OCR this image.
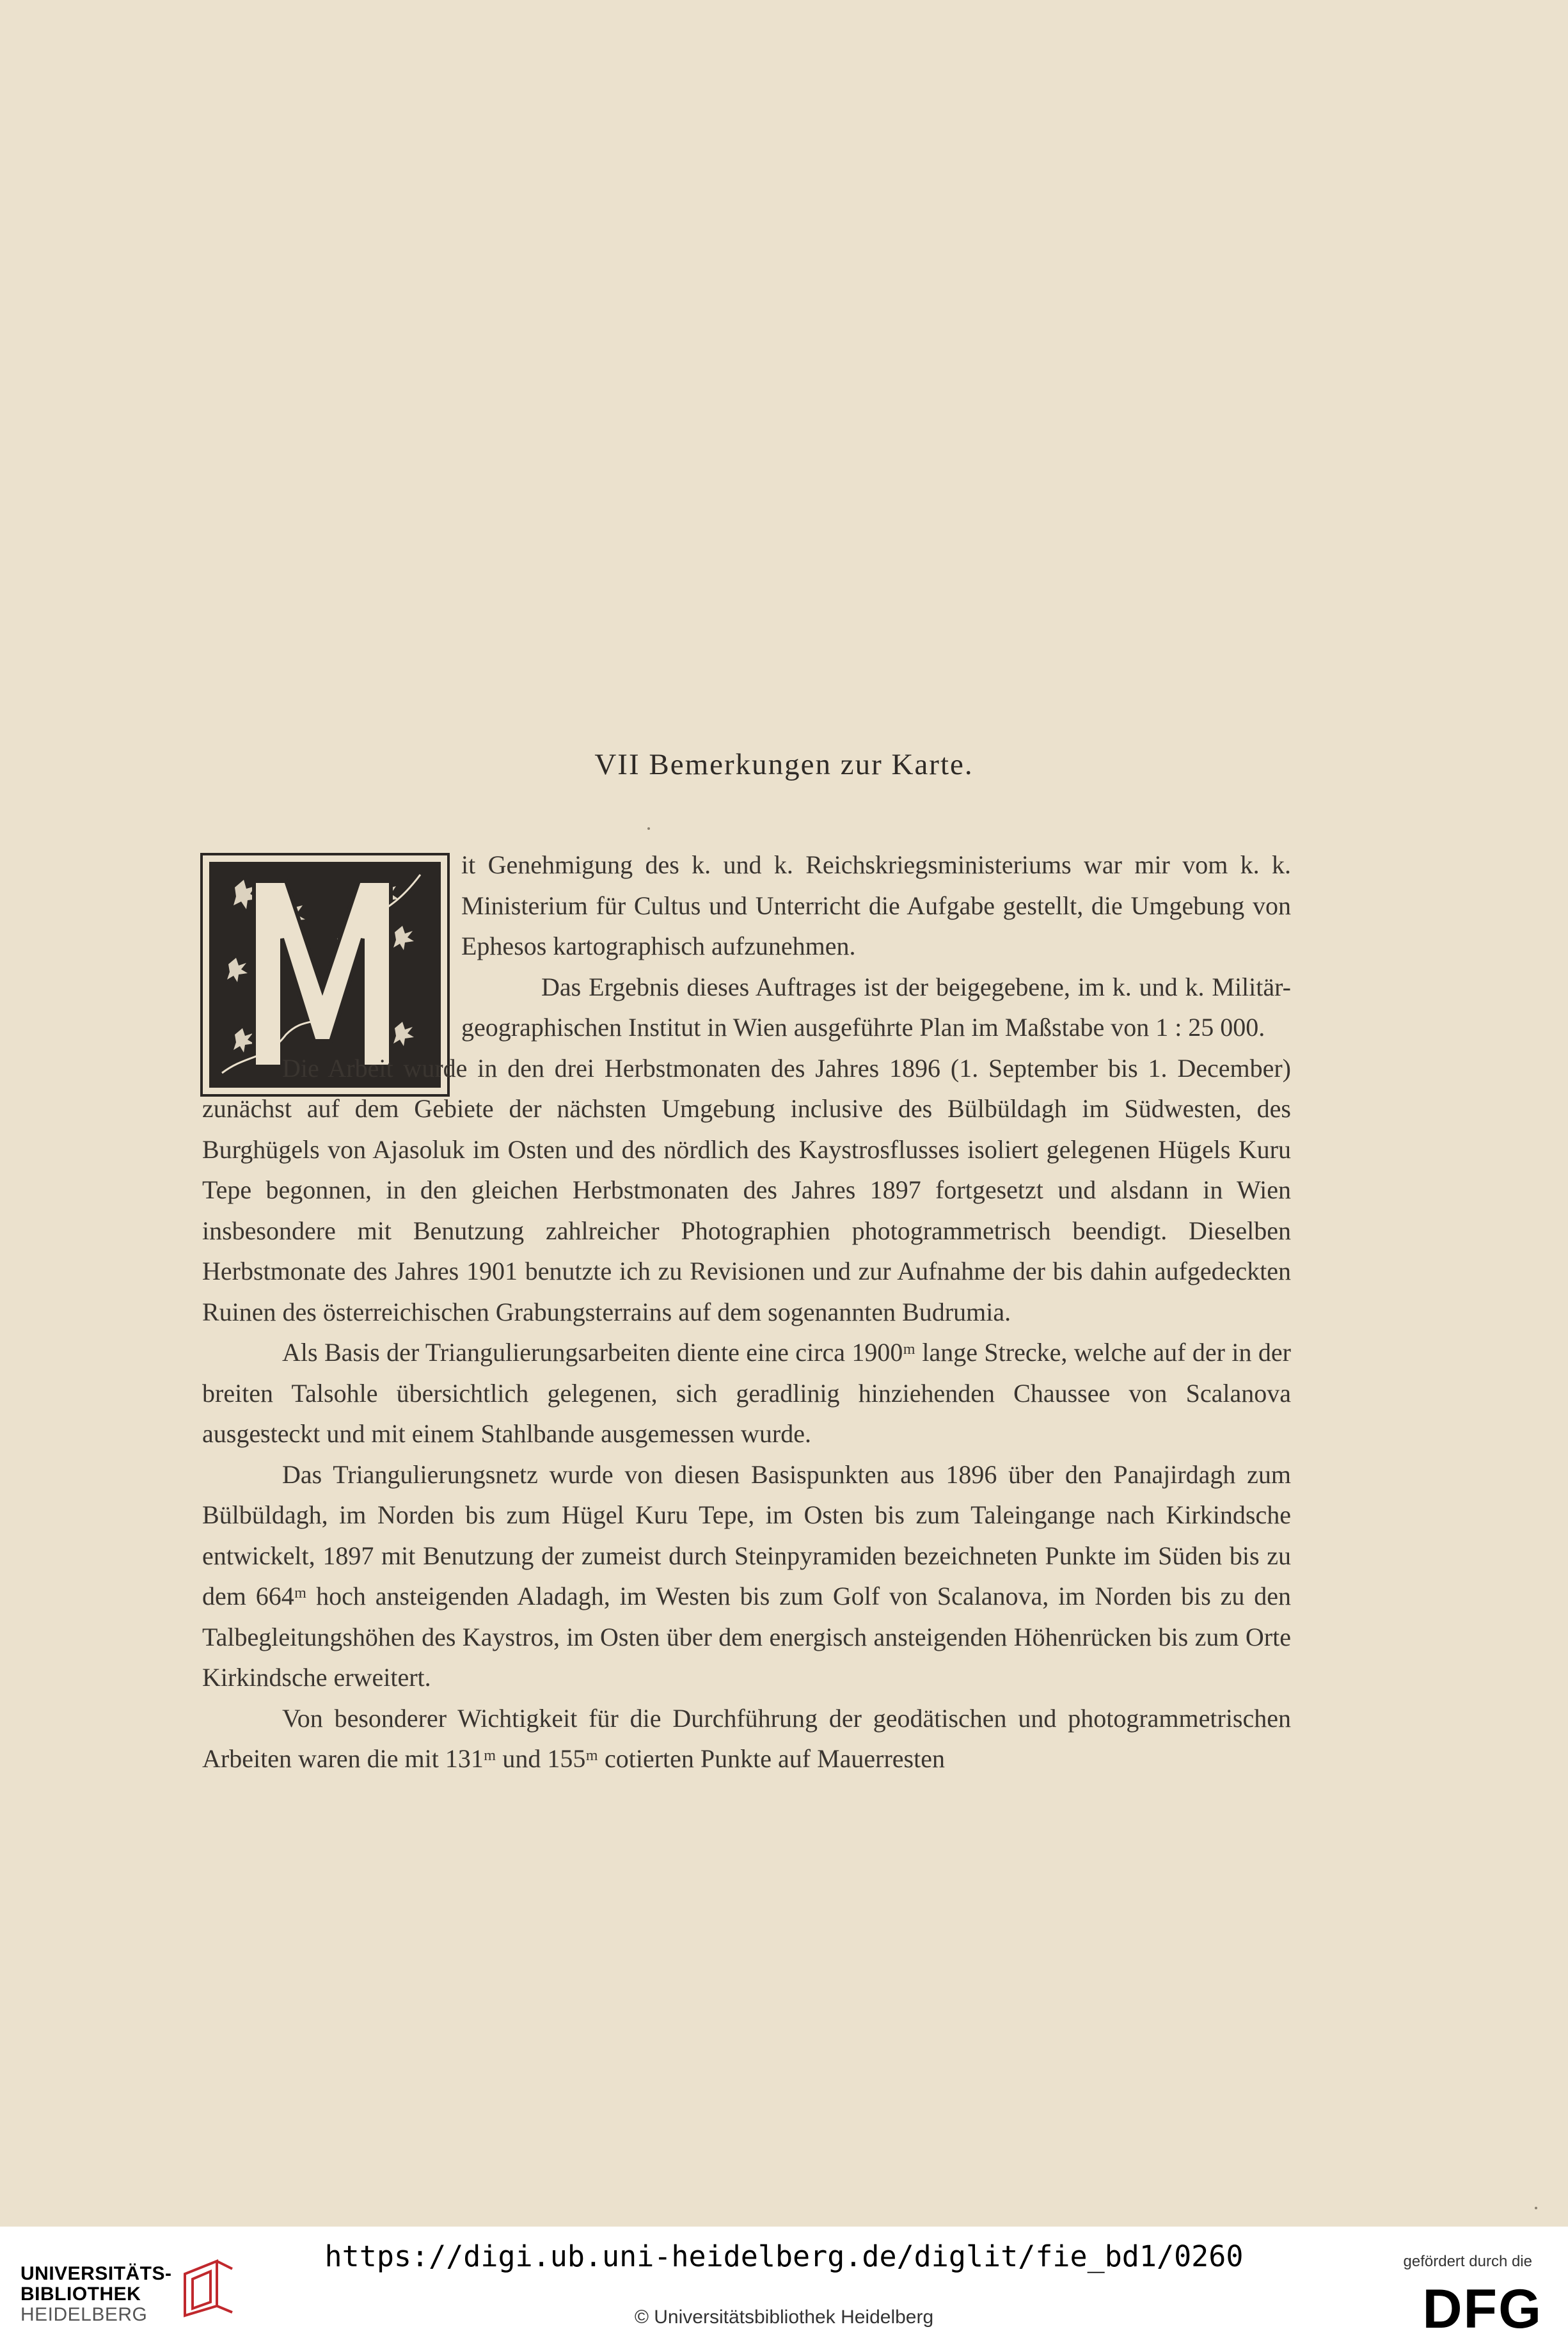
VII Bemerkungen zur Karte.

it Genehmigung des k. und k. Reichskriegsministeriums war mir vom k. k. Ministerium für Cultus und Unterricht die Aufgabe gestellt, die Umgebung von Ephesos kartographisch aufzunehmen.

Das Ergebnis dieses Auftrages ist der beigegebene, im k. und k. Militär-geographischen Institut in Wien ausgeführte Plan im Maßstabe von 1 : 25 000.

Die Arbeit wurde in den drei Herbstmonaten des Jahres 1896 (1. September bis 1. December) zunächst auf dem Gebiete der nächsten Umgebung inclusive des Bülbüldagh im Südwesten, des Burghügels von Ajasoluk im Osten und des nördlich des Kaystrosflusses isoliert gelegenen Hügels Kuru Tepe begonnen, in den gleichen Herbstmonaten des Jahres 1897 fortgesetzt und alsdann in Wien insbesondere mit Benutzung zahlreicher Photographien photogrammetrisch beendigt. Dieselben Herbstmonate des Jahres 1901 benutzte ich zu Revisionen und zur Aufnahme der bis dahin aufgedeckten Ruinen des österreichischen Grabungsterrains auf dem sogenannten Budrumia.

Als Basis der Triangulierungsarbeiten diente eine circa 1900ᵐ lange Strecke, welche auf der in der breiten Talsohle übersichtlich gelegenen, sich geradlinig hinziehenden Chaussee von Scalanova ausgesteckt und mit einem Stahlbande ausgemessen wurde.

Das Triangulierungsnetz wurde von diesen Basispunkten aus 1896 über den Panajirdagh zum Bülbüldagh, im Norden bis zum Hügel Kuru Tepe, im Osten bis zum Taleingange nach Kirkindsche entwickelt, 1897 mit Benutzung der zumeist durch Steinpyramiden bezeichneten Punkte im Süden bis zu dem 664ᵐ hoch ansteigenden Aladagh, im Westen bis zum Golf von Scalanova, im Norden bis zu den Talbegleitungshöhen des Kaystros, im Osten über dem energisch ansteigenden Höhenrücken bis zum Orte Kirkindsche erweitert.

Von besonderer Wichtigkeit für die Durchführung der geodätischen und photogrammetrischen Arbeiten waren die mit 131ᵐ und 155ᵐ cotierten Punkte auf Mauerresten

UNIVERSITÄTS-
BIBLIOTHEK
HEIDELBERG
https://digi.ub.uni-heidelberg.de/diglit/fie_bd1/0260
© Universitätsbibliothek Heidelberg
gefördert durch die
DFG
